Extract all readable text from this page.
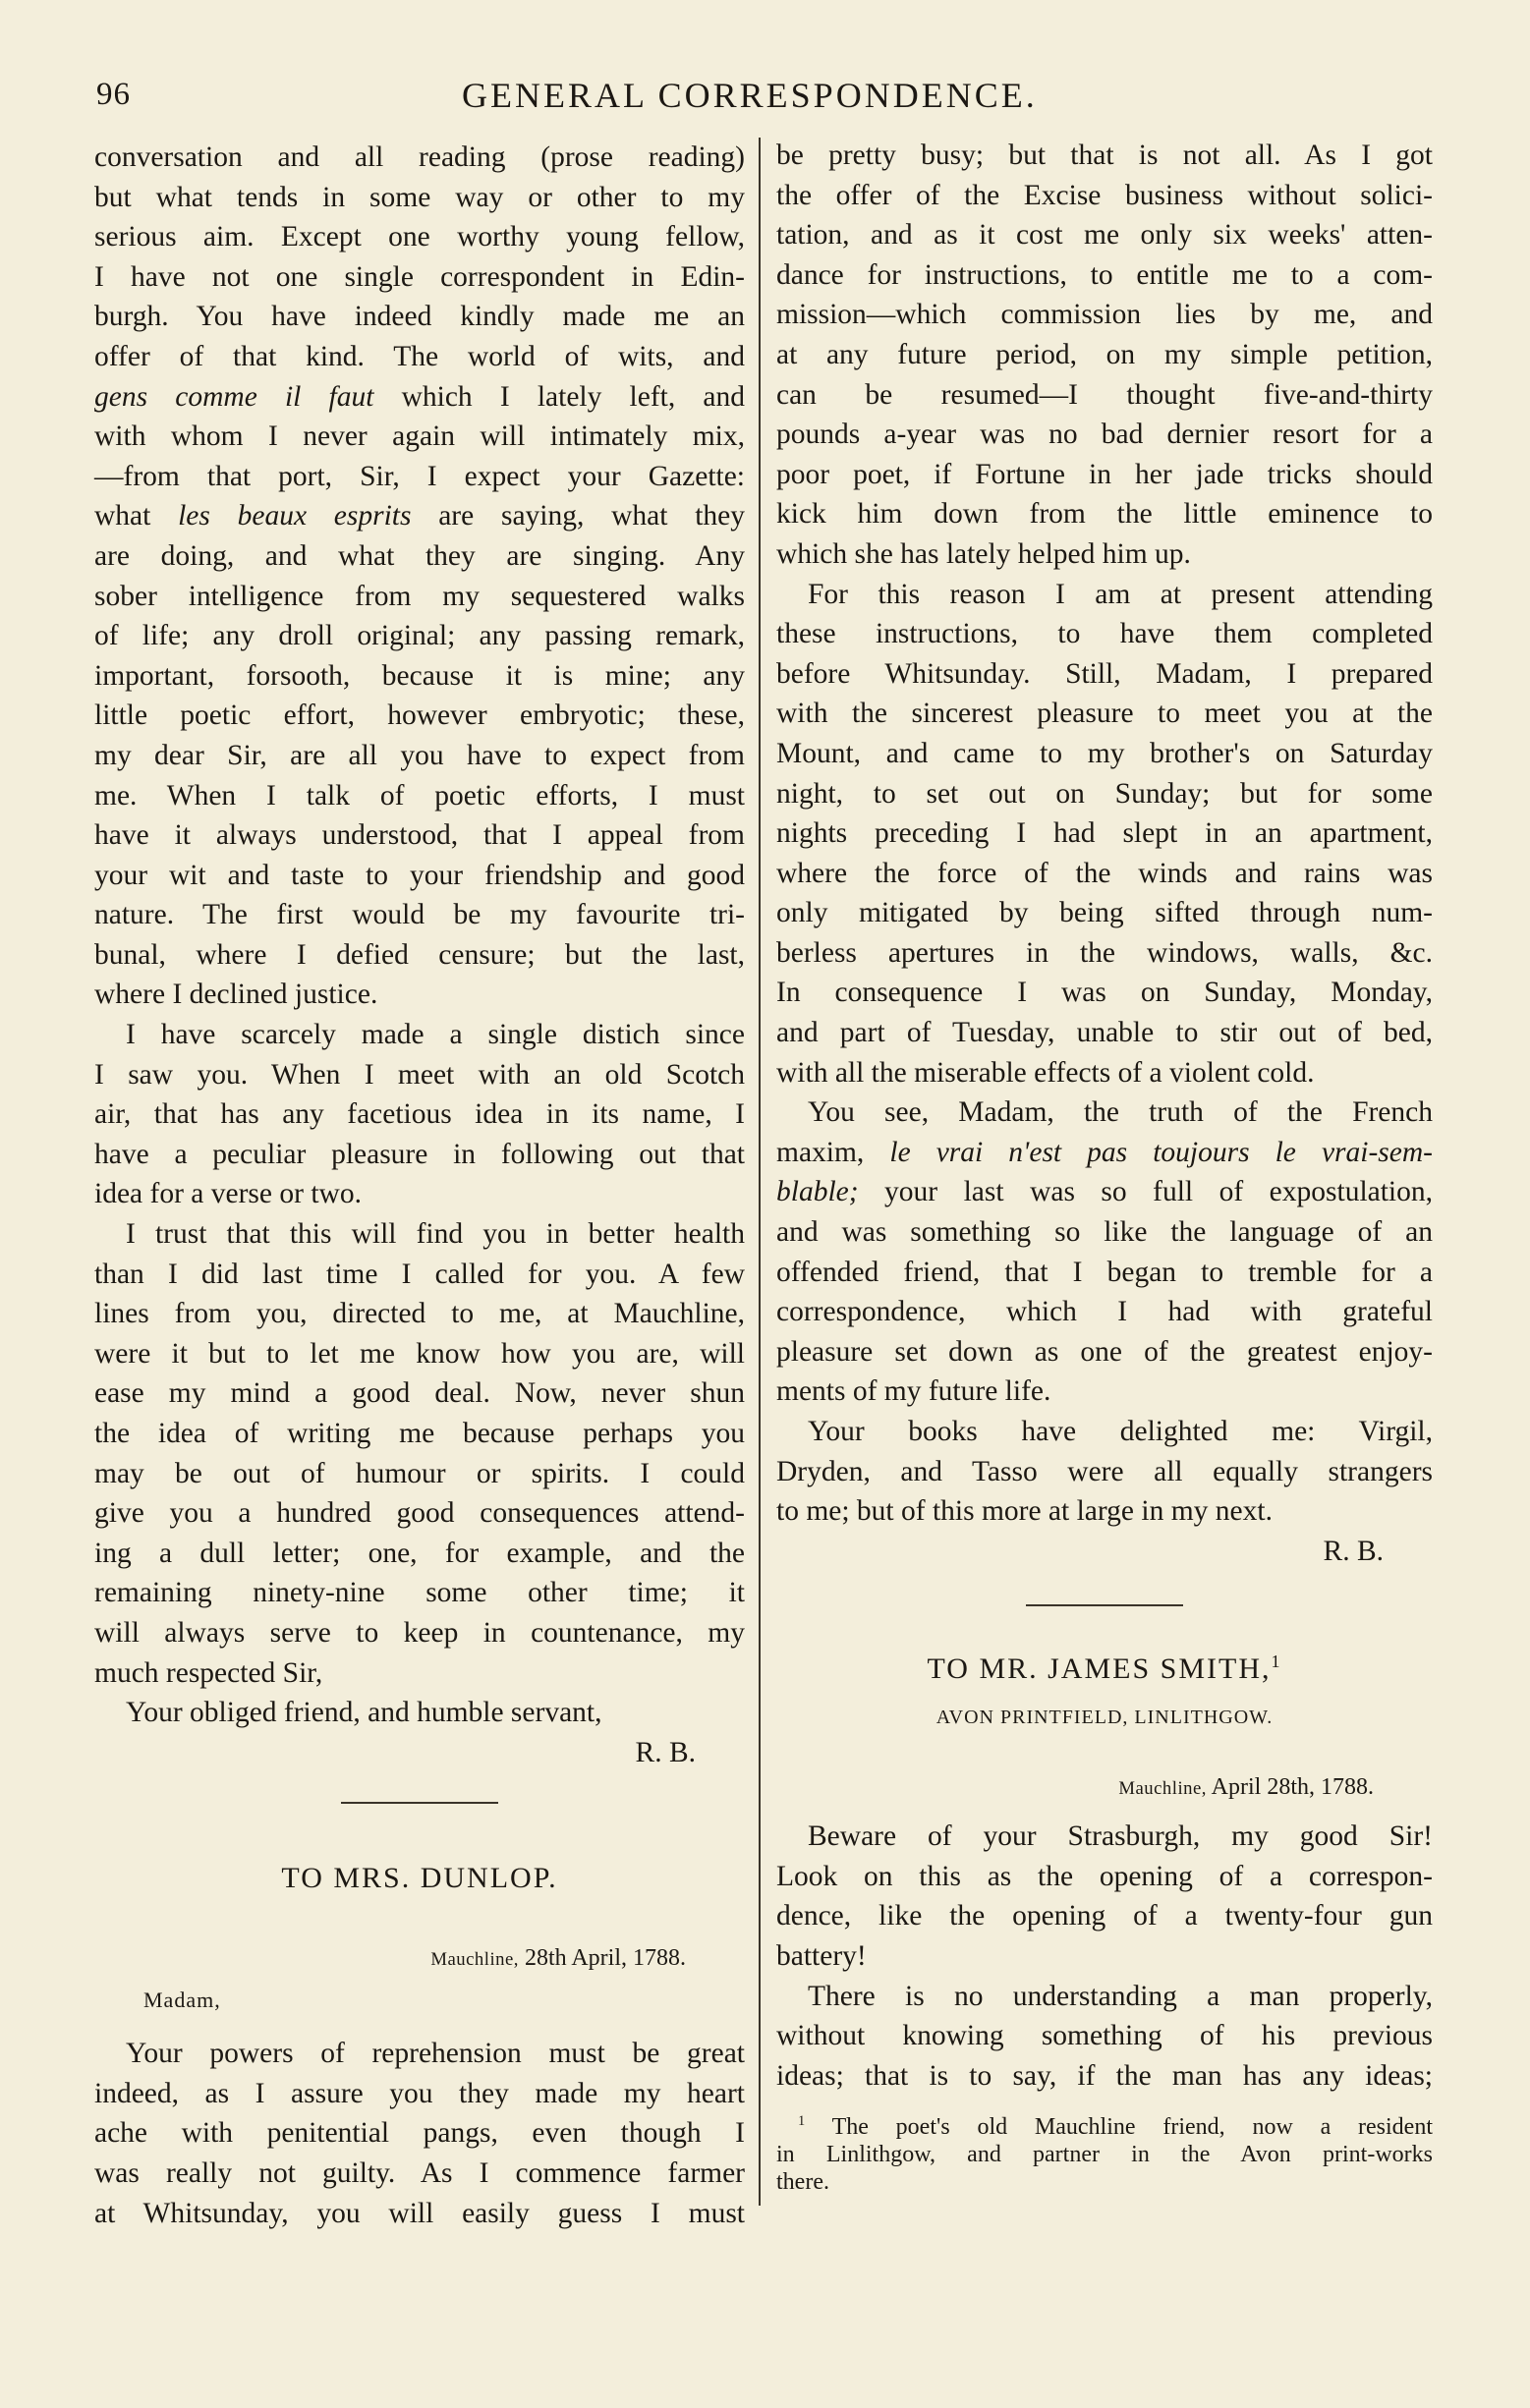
96	GENERAL CORRESPONDENCE.
conversation and all reading (prose reading)
but what tends in some way or other to my
serious aim. Except one worthy young fellow,
I have not one single correspondent in Edin-
burgh. You have indeed kindly made me an
offer of that kind. The world of wits, and
gens comme il faut which I lately left, and
with whom I never again will intimately mix,
—from that port, Sir, I expect your Gazette:
what les beaux esprits are saying, what they
are doing, and what they are singing. Any
sober intelligence from my sequestered walks
of life; any droll original; any passing remark,
important, forsooth, because it is mine; any
little poetic effort, however embryotic; these,
my dear Sir, are all you have to expect from
me. When I talk of poetic efforts, I must
have it always understood, that I appeal from
your wit and taste to your friendship and good
nature. The first would be my favourite tri-
bunal, where I defied censure; but the last,
where I declined justice.
I have scarcely made a single distich since
I saw you. When I meet with an old Scotch
air, that has any facetious idea in its name, I
have a peculiar pleasure in following out that
idea for a verse or two.
I trust that this will find you in better health
than I did last time I called for you. A few
lines from you, directed to me, at Mauchline,
were it but to let me know how you are, will
ease my mind a good deal. Now, never shun
the idea of writing me because perhaps you
may be out of humour or spirits. I could
give you a hundred good consequences attend-
ing a dull letter; one, for example, and the
remaining ninety-nine some other time; it
will always serve to keep in countenance, my
much respected Sir,
Your obliged friend, and humble servant,
R. B.
TO MRS. DUNLOP.
Mauchline, 28th April, 1788.
Madam,
Your powers of reprehension must be great
indeed, as I assure you they made my heart
ache with penitential pangs, even though I
was really not guilty. As I commence farmer
at Whitsunday, you will easily guess I must
be pretty busy; but that is not all. As I got
the offer of the Excise business without solici-
tation, and as it cost me only six weeks' atten-
dance for instructions, to entitle me to a com-
mission—which commission lies by me, and
at any future period, on my simple petition,
can be resumed—I thought five-and-thirty
pounds a-year was no bad dernier resort for a
poor poet, if Fortune in her jade tricks should
kick him down from the little eminence to
which she has lately helped him up.
For this reason I am at present attending
these instructions, to have them completed
before Whitsunday. Still, Madam, I prepared
with the sincerest pleasure to meet you at the
Mount, and came to my brother's on Saturday
night, to set out on Sunday; but for some
nights preceding I had slept in an apartment,
where the force of the winds and rains was
only mitigated by being sifted through num-
berless apertures in the windows, walls, &c.
In consequence I was on Sunday, Monday,
and part of Tuesday, unable to stir out of bed,
with all the miserable effects of a violent cold.
You see, Madam, the truth of the French
maxim, le vrai n'est pas toujours le vrai-sem-
blable; your last was so full of expostulation,
and was something so like the language of an
offended friend, that I began to tremble for a
correspondence, which I had with grateful
pleasure set down as one of the greatest enjoy-
ments of my future life.
Your books have delighted me: Virgil,
Dryden, and Tasso were all equally strangers
to me; but of this more at large in my next.
R. B.
TO MR. JAMES SMITH,$^1$
AVON PRINTFIELD, LINLITHGOW.
Mauchline, April 28th, 1788.
Beware of your Strasburgh, my good Sir!
Look on this as the opening of a correspon-
dence, like the opening of a twenty-four gun
battery!
There is no understanding a man properly,
without knowing something of his previous
ideas; that is to say, if the man has any ideas;
$^1$ The poet's old Mauchline friend, now a resident
in Linlithgow, and partner in the Avon print-works
there.
